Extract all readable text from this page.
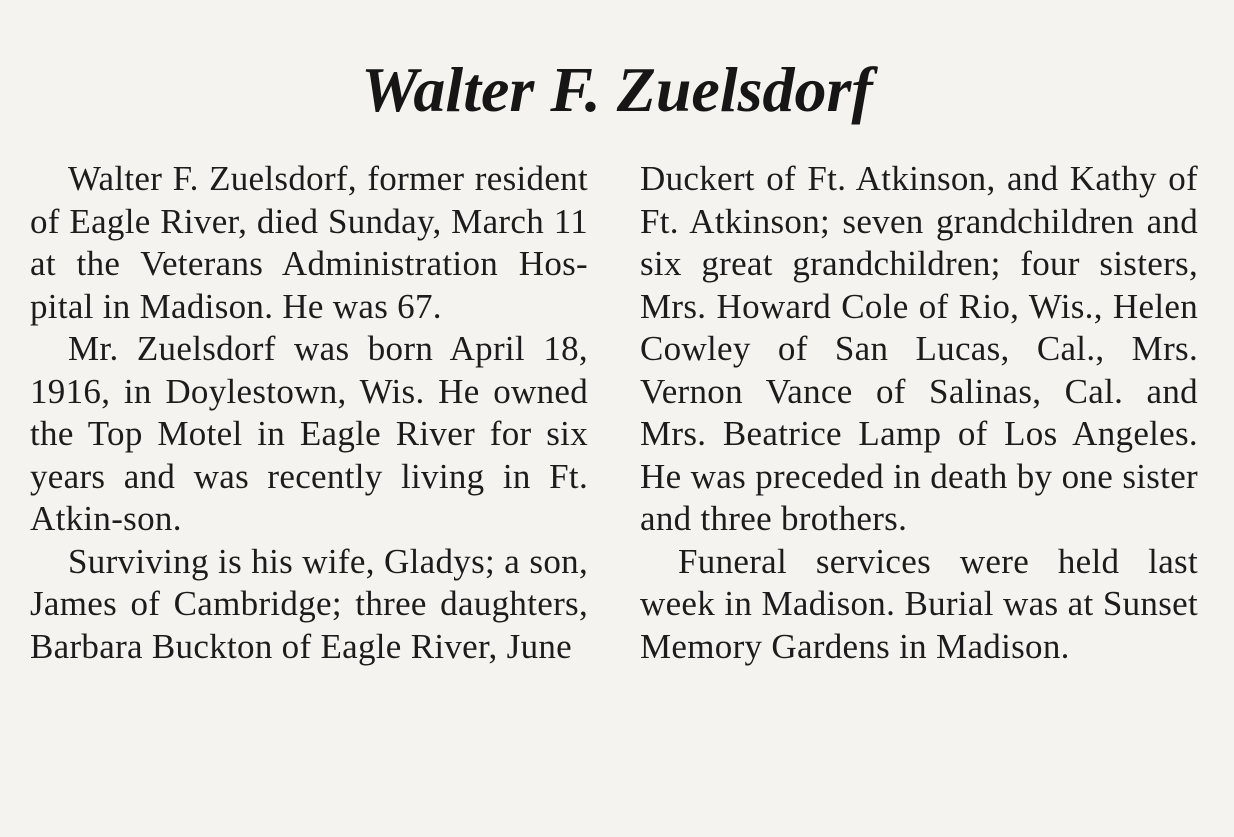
Walter F. Zuelsdorf

Walter F. Zuelsdorf, former resident of Eagle River, died Sunday, March 11 at the Veterans Administration Hos-pital in Madison. He was 67.

Mr. Zuelsdorf was born April 18, 1916, in Doylestown, Wis. He owned the Top Motel in Eagle River for six years and was recently living in Ft. Atkin-son.

Surviving is his wife, Gladys; a son, James of Cambridge; three daughters, Barbara Buckton of Eagle River, June

Duckert of Ft. Atkinson, and Kathy of Ft. Atkinson; seven grandchildren and six great grandchildren; four sisters, Mrs. Howard Cole of Rio, Wis., Helen Cowley of San Lucas, Cal., Mrs. Vernon Vance of Salinas, Cal. and Mrs. Beatrice Lamp of Los Angeles. He was preceded in death by one sister and three brothers.

Funeral services were held last week in Madison. Burial was at Sunset Memory Gardens in Madison.
